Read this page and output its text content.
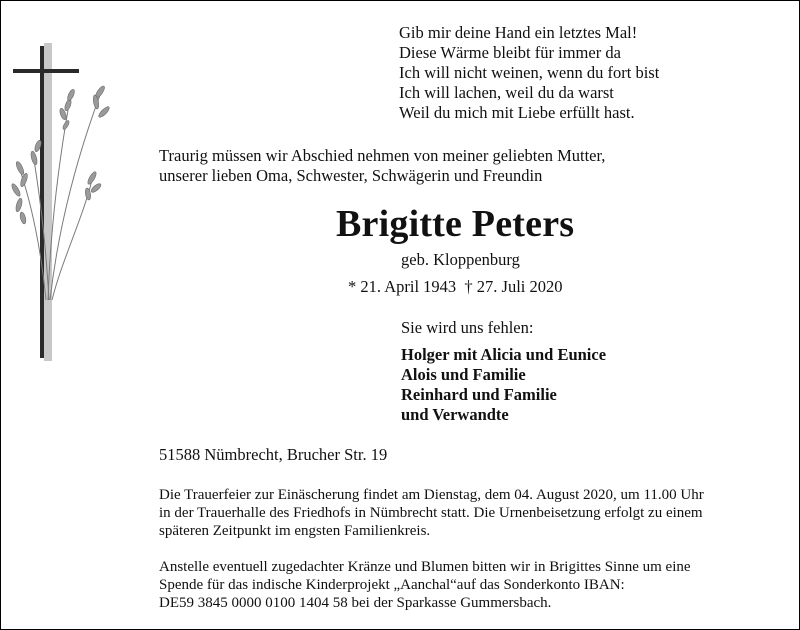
Gib mir deine Hand ein letztes Mal!
Diese Wärme bleibt für immer da
Ich will nicht weinen, wenn du fort bist
Ich will lachen, weil du da warst
Weil du mich mit Liebe erfüllt hast.
Traurig müssen wir Abschied nehmen von meiner geliebten Mutter,
unserer lieben Oma, Schwester, Schwägerin und Freundin
Brigitte Peters
geb. Kloppenburg
* 21. April 1943  † 27. Juli 2020
Sie wird uns fehlen:
Holger mit Alicia und Eunice
Alois und Familie
Reinhard und Familie
und Verwandte
51588 Nümbrecht, Brucher Str. 19
Die Trauerfeier zur Einäscherung findet am Dienstag, dem 04. August 2020, um 11.00 Uhr
in der Trauerhalle des Friedhofs in Nümbrecht statt. Die Urnenbeisetzung erfolgt zu einem
späteren Zeitpunkt im engsten Familienkreis.
Anstelle eventuell zugedachter Kränze und Blumen bitten wir in Brigittes Sinne um eine
Spende für das indische Kinderprojekt „Aanchal“auf das Sonderkonto IBAN:
DE59 3845 0000 0100 1404 58 bei der Sparkasse Gummersbach.
